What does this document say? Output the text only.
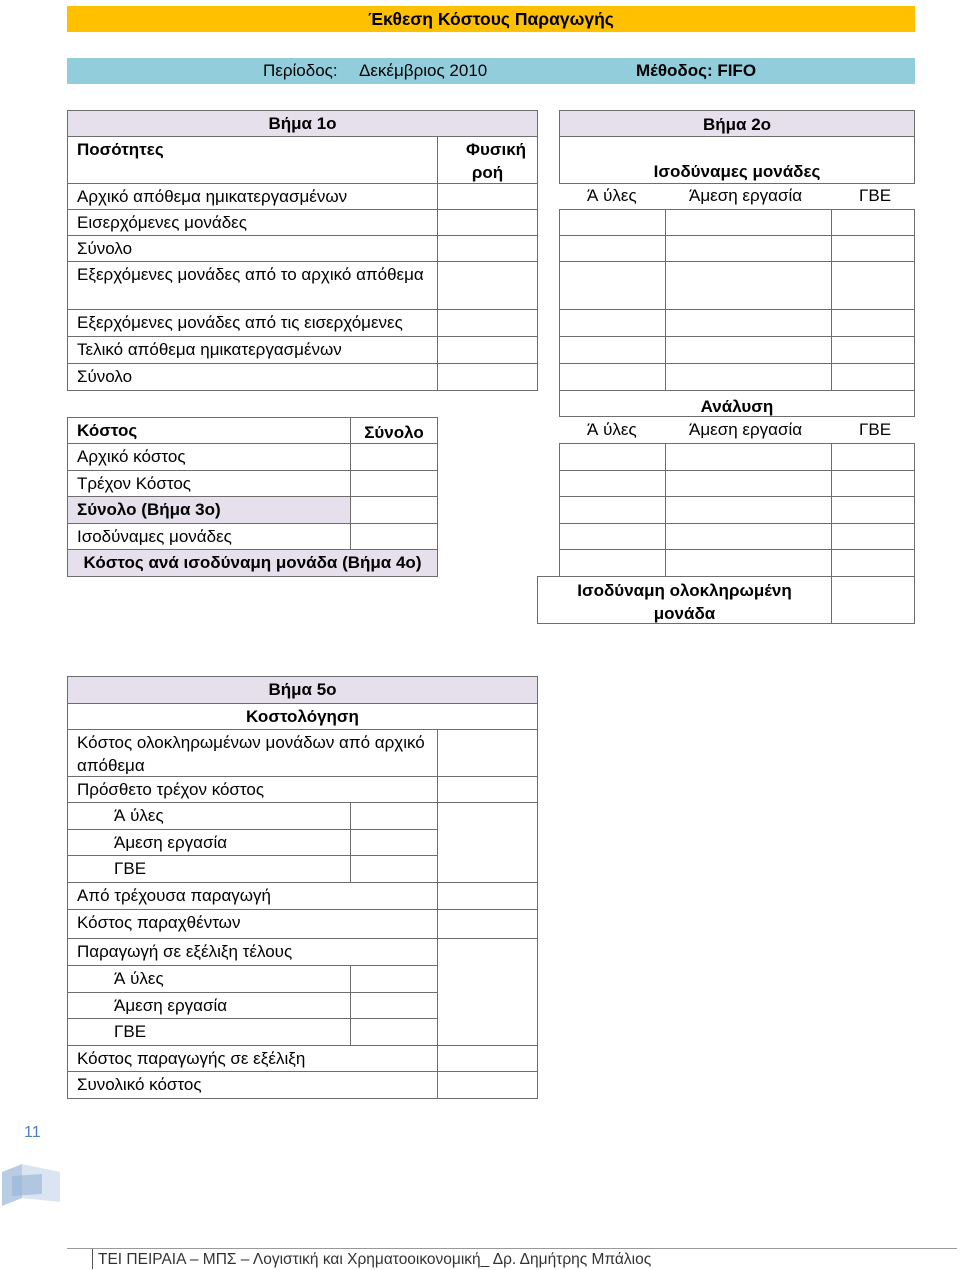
Έκθεση Κόστους Παραγωγής
Περίοδος: Δεκέμβριος 2010	Μέθοδος: FIFO
Βήμα 1ο
Ποσότητες	Φυσική ροή
Αρχικό απόθεμα ημικατεργασμένων
Εισερχόμενες μονάδες
Σύνολο
Εξερχόμενες μονάδες από το αρχικό απόθεμα
Εξερχόμενες μονάδες από τις εισερχόμενες
Τελικό απόθεμα ημικατεργασμένων
Σύνολο
Βήμα 2ο
Ισοδύναμες μονάδες
Ά ύλες	Άμεση εργασία	ΓΒΕ
Κόστος	Σύνολο
Αρχικό κόστος
Τρέχον Κόστος
Σύνολο (Βήμα 3ο)
Ισοδύναμες μονάδες
Κόστος ανά ισοδύναμη μονάδα (Βήμα 4ο)
Ανάλυση
Ά ύλες	Άμεση εργασία	ΓΒΕ
Ισοδύναμη ολοκληρωμένη μονάδα
Βήμα 5ο
Κοστολόγηση
Κόστος ολοκληρωμένων μονάδων από αρχικό απόθεμα
Πρόσθετο τρέχον κόστος
Ά ύλες
Άμεση εργασία
ΓΒΕ
Από τρέχουσα παραγωγή
Κόστος παραχθέντων
Παραγωγή σε εξέλιξη τέλους
Ά ύλες
Άμεση εργασία
ΓΒΕ
Κόστος παραγωγής σε εξέλιξη
Συνολικό κόστος
11
ΤΕΙ ΠΕΙΡΑΙΑ – ΜΠΣ – Λογιστική και Χρηματοοικονομική_ Δρ. Δημήτρης Μπάλιος
